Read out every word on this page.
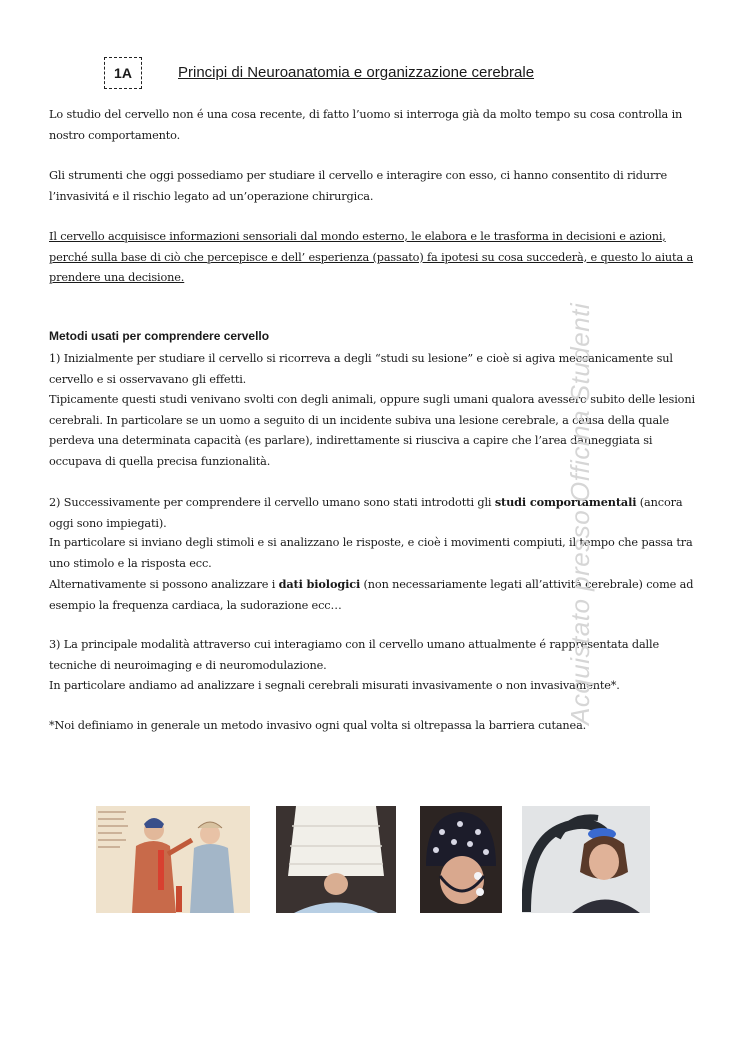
1A	Principi di Neuroanatomia e organizzazione cerebrale

Lo studio del cervello non é una cosa recente, di fatto l’uomo si interroga già da molto tempo su cosa controlla in nostro comportamento.

Gli strumenti che oggi possediamo per studiare il cervello e interagire con esso, ci hanno consentito di ridurre l’invasivitá e il rischio legato ad un’operazione chirurgica.

Il cervello acquisisce informazioni sensoriali dal mondo esterno, le elabora e le trasforma in decisioni e azioni, perché sulla base di ciò che percepisce e dell’ esperienza (passato) fa ipotesi su cosa succederà, e questo lo aiuta a prendere una decisione.

Metodi usati per comprendere cervello

1) Inizialmente per studiare il cervello si ricorreva a degli “studi su lesione” e cioè si agiva meccanicamente sul cervello e si osservavano gli effetti.

Tipicamente questi studi venivano svolti con degli animali, oppure sugli umani qualora avessero subito delle lesioni cerebrali. In particolare se un uomo a seguito di un incidente subiva una lesione cerebrale, a causa della quale perdeva una determinata capacità (es parlare), indirettamente si riusciva a capire che l’area danneggiata si occupava di quella precisa funzionalità.

2) Successivamente per comprendere il cervello umano sono stati introdotti gli studi comportamentali (ancora oggi sono impiegati).

In particolare si inviano degli stimoli e si analizzano le risposte, e cioè i movimenti compiuti, il tempo che passa tra uno stimolo e la risposta ecc.

Alternativamente si possono analizzare i dati biologici (non necessariamente legati all’attività cerebrale) come ad esempio la frequenza cardiaca, la sudorazione ecc…

3) La principale modalità attraverso cui interagiamo con il cervello umano attualmente é rappresentata dalle tecniche di neuroimaging e di neuromodulazione.

In particolare andiamo ad analizzare i segnali cerebrali misurati invasivamente o non invasivamente*.

*Noi definiamo in generale un metodo invasivo ogni qual volta si oltrepassa la barriera cutanea.

Acquistato presso Officina Studenti
